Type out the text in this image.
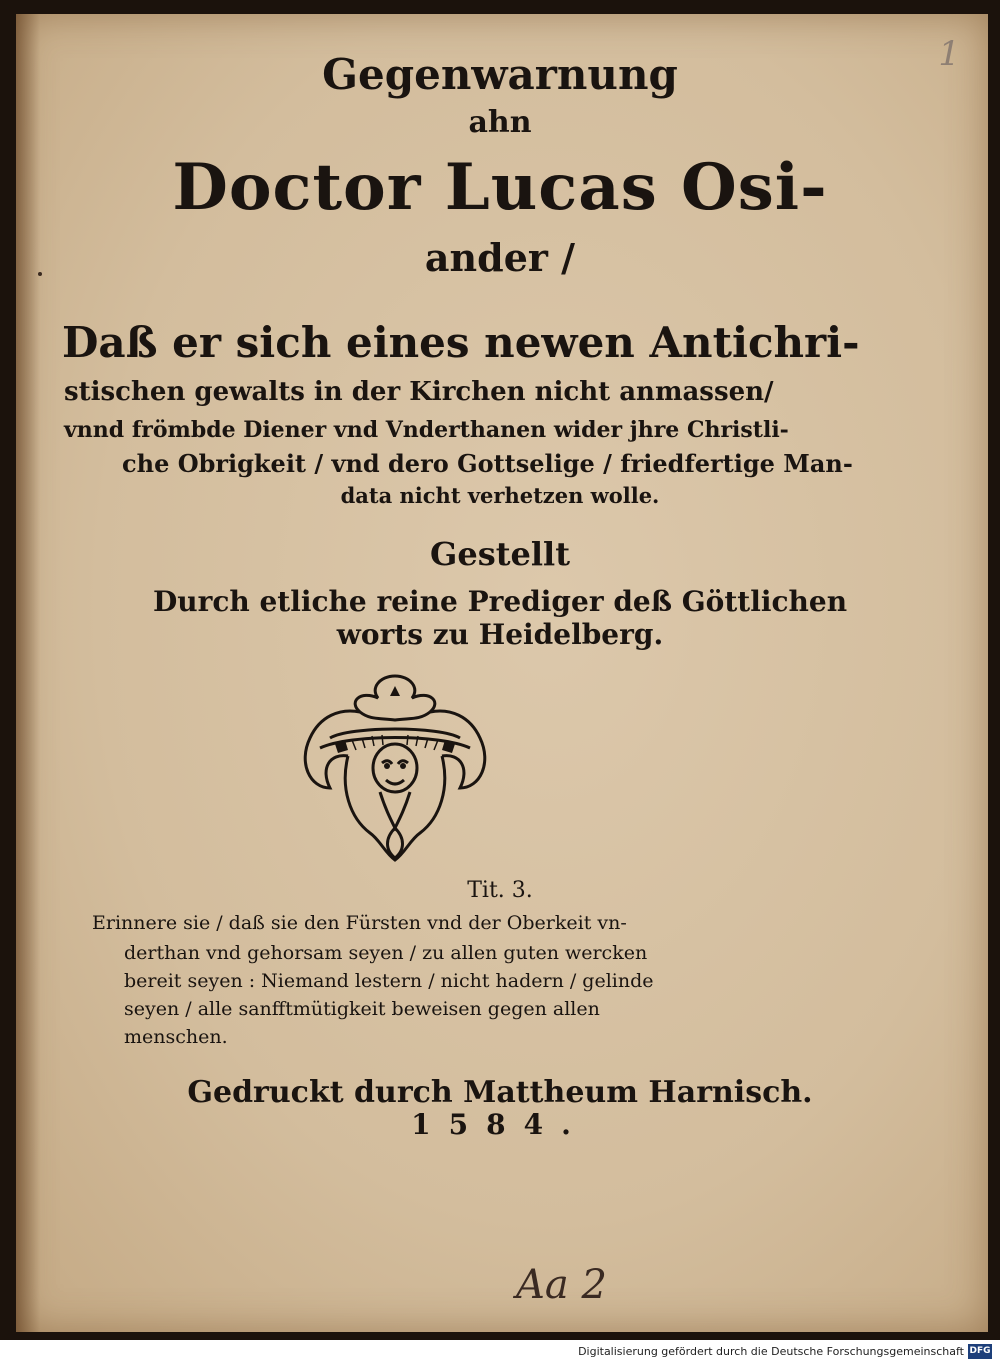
1
Gegenwarnung
ahn
Doctor Lucas Osi-
ander /
Daß er sich eines newen Antichri-
stischen gewalts in der Kirchen nicht anmassen/
vnnd frömbde Diener vnd Vnderthanen wider jhre Christli-
che Obrigkeit / vnd dero Gottselige / friedfertige Man-
data nicht verhetzen wolle.
Gestellt
Durch etliche reine Prediger deß Göttlichen
worts zu Heidelberg.
Tit. 3.
Erinnere sie / daß sie den Fürsten vnd der Oberkeit vn-
derthan vnd gehorsam seyen / zu allen guten wercken
bereit seyen : Niemand lestern / nicht hadern / gelinde
seyen / alle sanfftmütigkeit beweisen gegen allen
menschen.
Gedruckt durch Mattheum Harnisch.
1584.
Aa 2
Digitalisierung gefördert durch die Deutsche Forschungsgemeinschaft DFG
